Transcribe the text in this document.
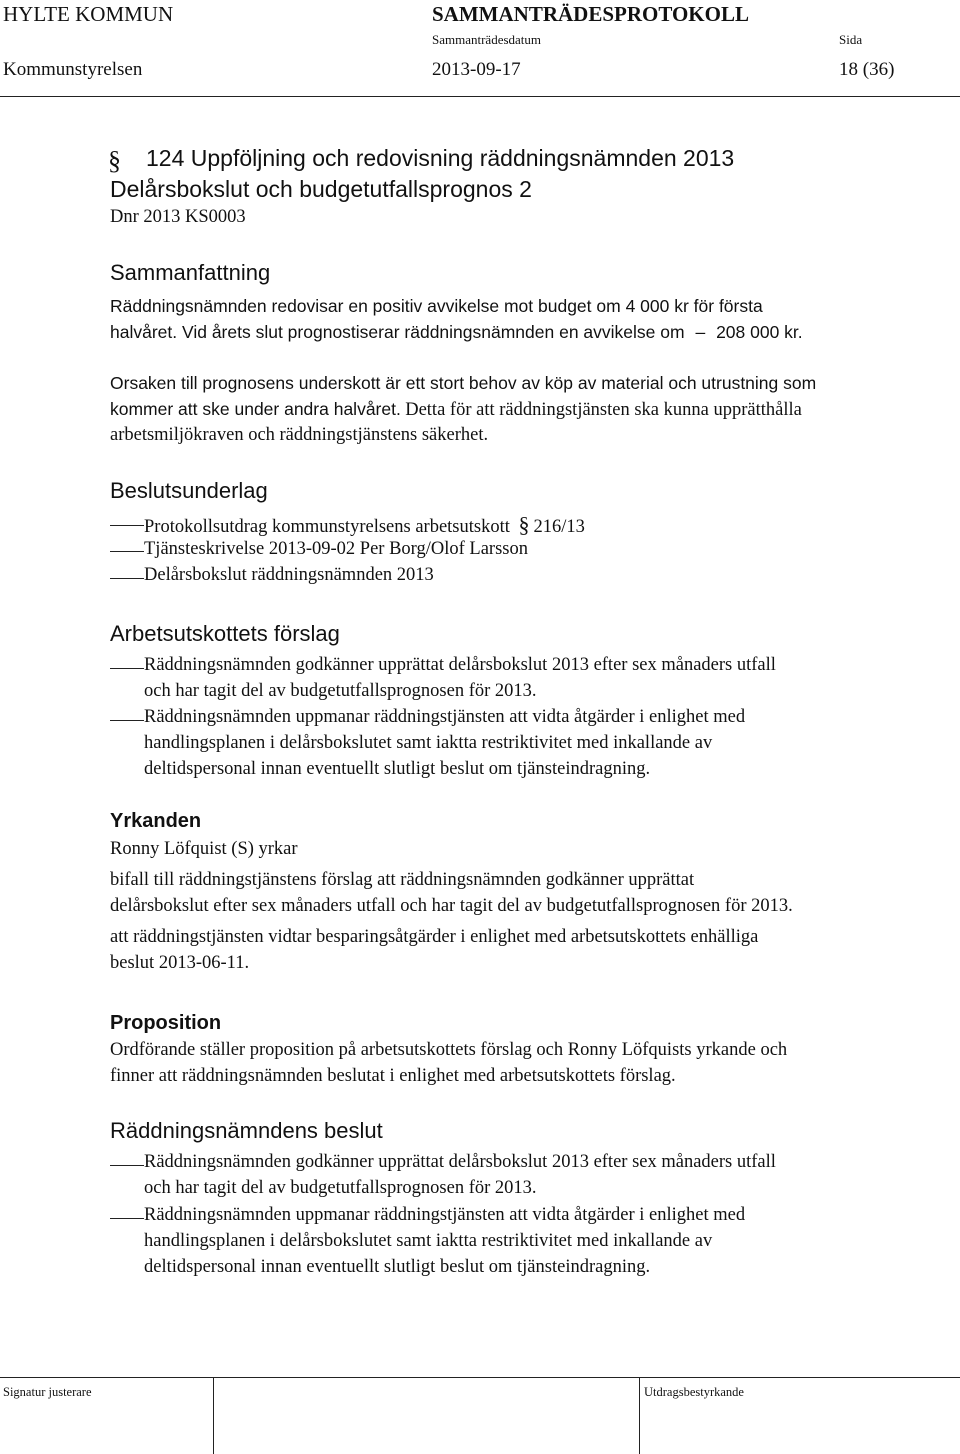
HYLTE KOMMUN	SAMMANTRÄDESPROTOKOLL
Sammanträdesdatum	Sida
Kommunstyrelsen	2013-09-17	18 (36)
§ 124 Uppföljning och redovisning räddningsnämnden 2013
Delårsbokslut och budgetutfallsprognos 2
Dnr 2013 KS0003
Sammanfattning
Räddningsnämnden redovisar en positiv avvikelse mot budget om 4 000 kr för första
halvåret. Vid årets slut prognostiserar räddningsnämnden en avvikelse om – 208 000 kr.
Orsaken till prognosens underskott är ett stort behov av köp av material och utrustning som
kommer att ske under andra halvåret. Detta för att räddningstjänsten ska kunna upprätthålla
arbetsmiljökraven och räddningstjänstens säkerhet.
Beslutsunderlag
Protokollsutdrag kommunstyrelsens arbetsutskott § 216/13
Tjänsteskrivelse 2013-09-02 Per Borg/Olof Larsson
Delårsbokslut räddningsnämnden 2013
Arbetsutskottets förslag
Räddningsnämnden godkänner upprättat delårsbokslut 2013 efter sex månaders utfall
och har tagit del av budgetutfallsprognosen för 2013.
Räddningsnämnden uppmanar räddningstjänsten att vidta åtgärder i enlighet med
handlingsplanen i delårsbokslutet samt iaktta restriktivitet med inkallande av
deltidspersonal innan eventuellt slutligt beslut om tjänsteindragning.
Yrkanden
Ronny Löfquist (S) yrkar
bifall till räddningstjänstens förslag att räddningsnämnden godkänner upprättat
delårsbokslut efter sex månaders utfall och har tagit del av budgetutfallsprognosen för 2013.
att räddningstjänsten vidtar besparingsåtgärder i enlighet med arbetsutskottets enhälliga
beslut 2013-06-11.
Proposition
Ordförande ställer proposition på arbetsutskottets förslag och Ronny Löfquists yrkande och
finner att räddningsnämnden beslutat i enlighet med arbetsutskottets förslag.
Räddningsnämndens beslut
Räddningsnämnden godkänner upprättat delårsbokslut 2013 efter sex månaders utfall
och har tagit del av budgetutfallsprognosen för 2013.
Räddningsnämnden uppmanar räddningstjänsten att vidta åtgärder i enlighet med
handlingsplanen i delårsbokslutet samt iaktta restriktivitet med inkallande av
deltidspersonal innan eventuellt slutligt beslut om tjänsteindragning.
Signatur justerare	Utdragsbestyrkande
